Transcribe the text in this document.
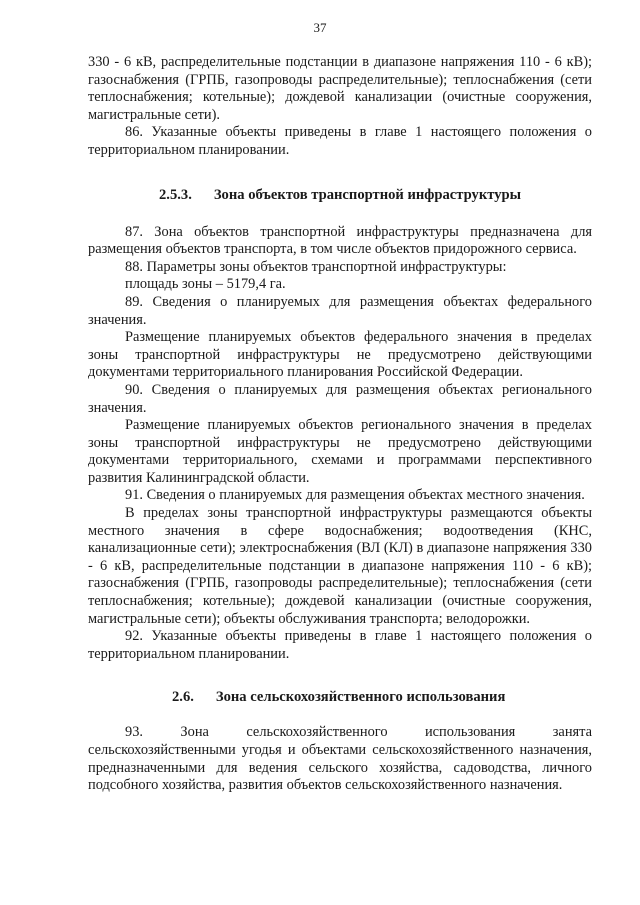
37

330 - 6 кВ, распределительные подстанции в диапазоне напряжения 110 - 6 кВ); газоснабжения (ГРПБ, газопроводы распределительные); теплоснабжения (сети теплоснабжения; котельные); дождевой канализации (очистные сооружения, магистральные сети).

86. Указанные объекты приведены в главе 1 настоящего положения о территориальном планировании.

2.5.3. Зона объектов транспортной инфраструктуры

87. Зона объектов транспортной инфраструктуры предназначена для размещения объектов транспорта, в том числе объектов придорожного сервиса.

88. Параметры зоны объектов транспортной инфраструктуры:

площадь зоны – 5179,4 га.

89. Сведения о планируемых для размещения объектах федерального значения.

Размещение планируемых объектов федерального значения в пределах зоны транспортной инфраструктуры не предусмотрено действующими документами территориального планирования Российской Федерации.

90. Сведения о планируемых для размещения объектах регионального значения.

Размещение планируемых объектов регионального значения в пределах зоны транспортной инфраструктуры не предусмотрено действующими документами территориального, схемами и программами перспективного развития Калининградской области.

91. Сведения о планируемых для размещения объектах местного значения.

В пределах зоны транспортной инфраструктуры размещаются объекты местного значения в сфере водоснабжения; водоотведения (КНС, канализационные сети); электроснабжения (ВЛ (КЛ) в диапазоне напряжения 330 - 6 кВ, распределительные подстанции в диапазоне напряжения 110 - 6 кВ); газоснабжения (ГРПБ, газопроводы распределительные); теплоснабжения (сети теплоснабжения; котельные); дождевой канализации (очистные сооружения, магистральные сети); объекты обслуживания транспорта; велодорожки.

92. Указанные объекты приведены в главе 1 настоящего положения о территориальном планировании.

2.6. Зона сельскохозяйственного использования

93. Зона сельскохозяйственного использования занята сельскохозяйственными угодья и объектами сельскохозяйственного назначения, предназначенными для ведения сельского хозяйства, садоводства, личного подсобного хозяйства, развития объектов сельскохозяйственного назначения.
